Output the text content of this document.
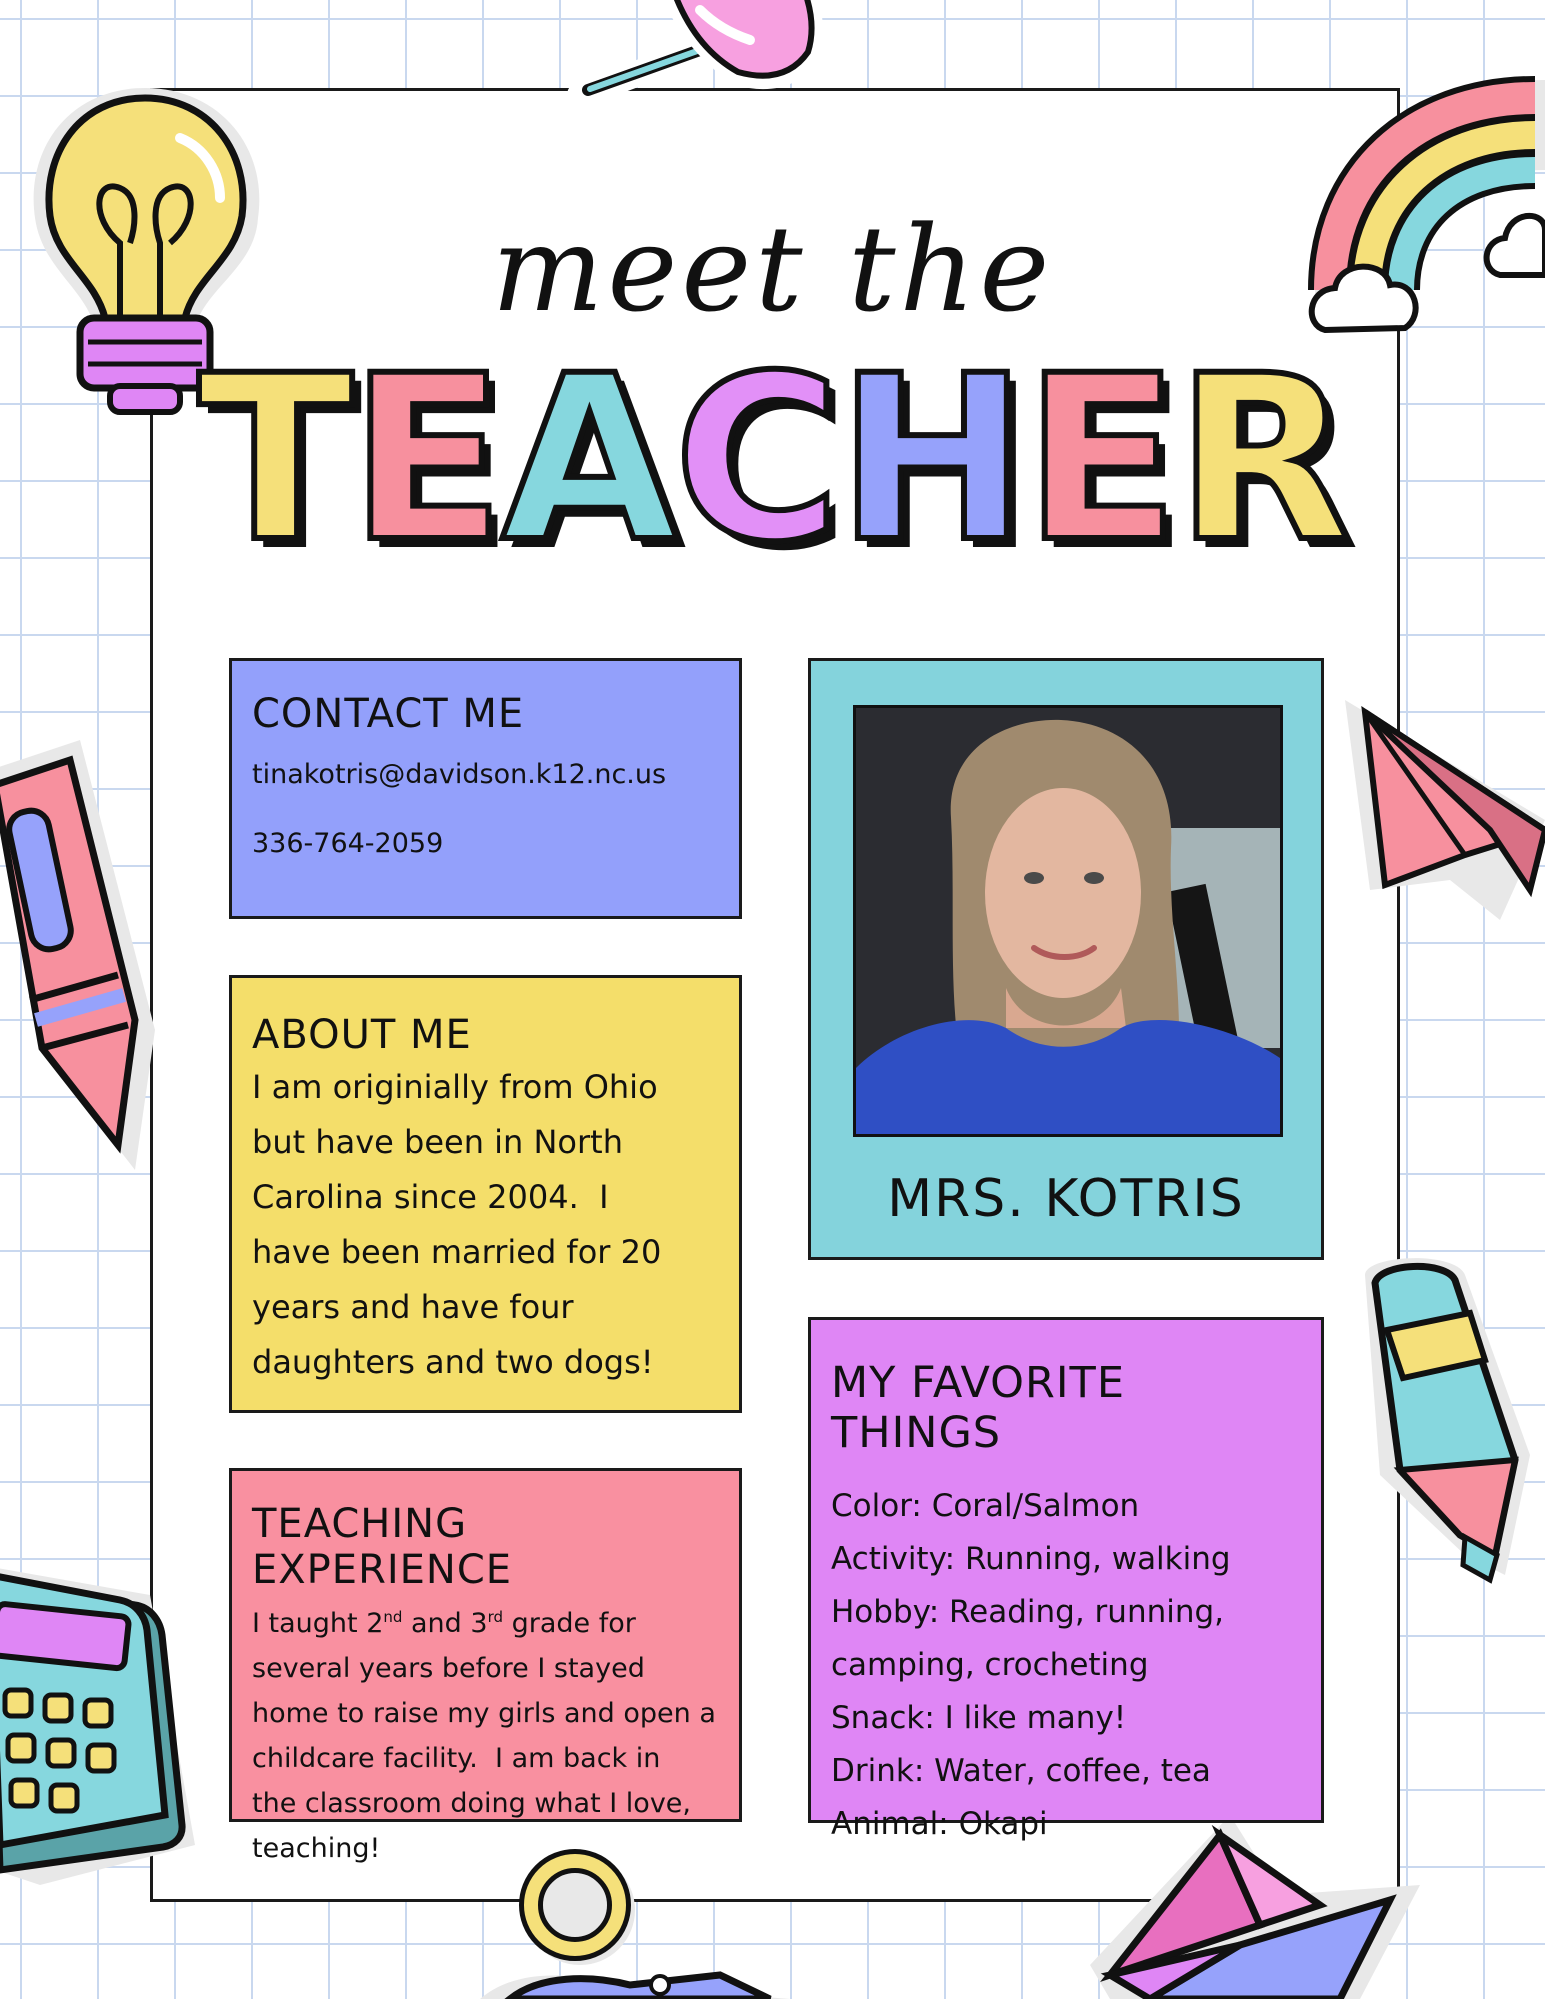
meet the
TEACHER
CONTACT ME

tinakotris@davidson.k12.nc.us

336-764-2059

ABOUT ME

I am originially from Ohio
but have been in North
Carolina since 2004.  I
have been married for 20
years and have four
daughters and two dogs!

TEACHING EXPERIENCE

I taught 2nd and 3rd grade for
several years before I stayed
home to raise my girls and open a
childcare facility.  I am back in
the classroom doing what I love,
teaching!

MRS. KOTRIS
MY FAVORITE THINGS
Color: Coral/Salmon
Activity: Running, walking
Hobby: Reading, running,
camping, crocheting
Snack: I like many!
Drink: Water, coffee, tea
Animal: Okapi
